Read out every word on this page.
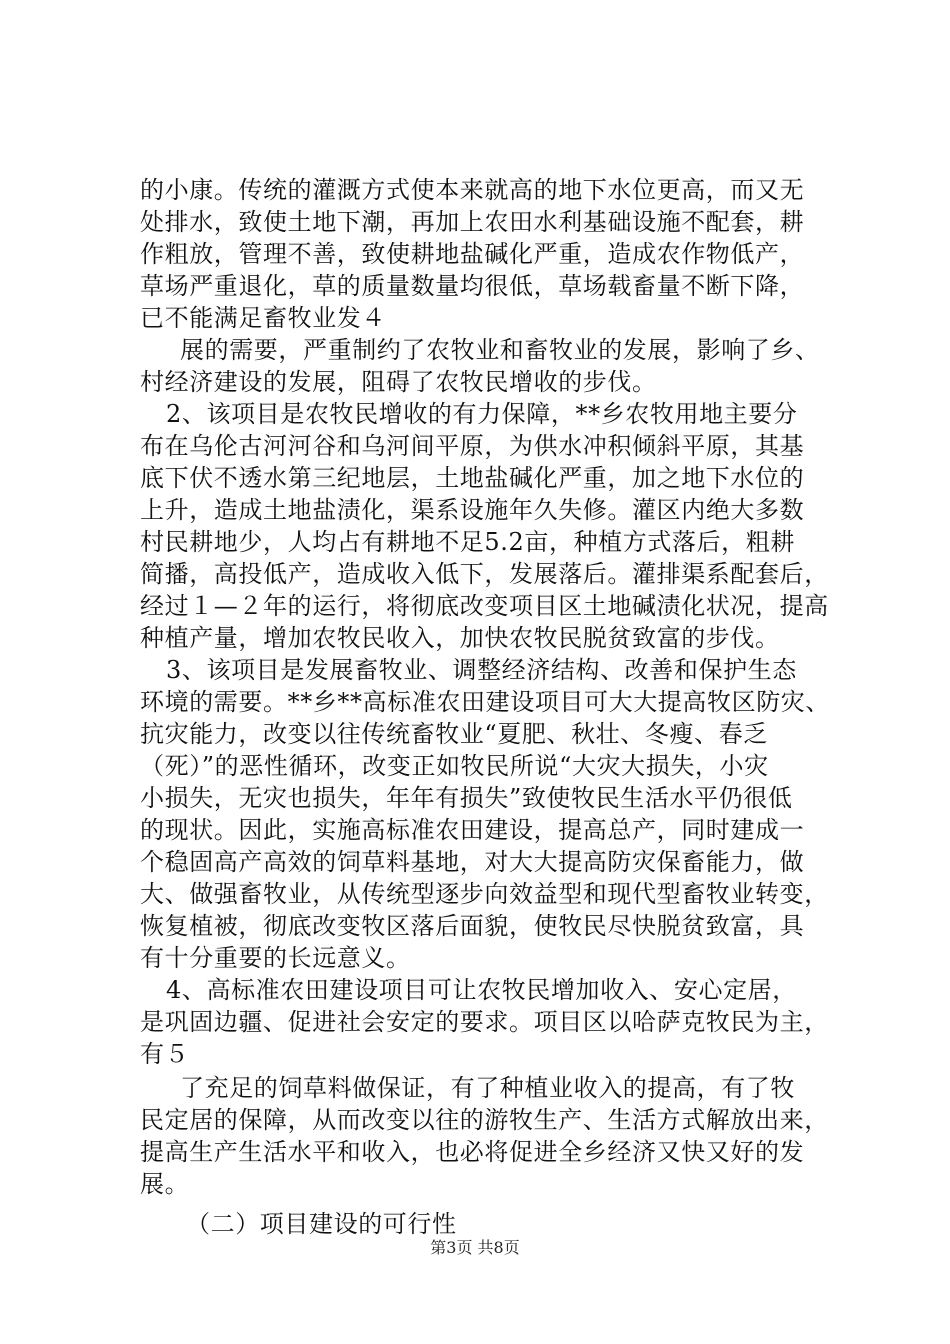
的小康。传统的灌溉方式使本来就高的地下水位更高，而又无
处排水，致使土地下潮，再加上农田水利基础设施不配套，耕
作粗放，管理不善，致使耕地盐碱化严重，造成农作物低产，
草场严重退化，草的质量数量均很低，草场载畜量不断下降，
已不能满足畜牧业发４
展的需要，严重制约了农牧业和畜牧业的发展，影响了乡、
村经济建设的发展，阻碍了农牧民增收的步伐。
2、该项目是农牧民增收的有力保障，**乡农牧用地主要分
布在乌伦古河河谷和乌河间平原，为供水冲积倾斜平原，其基
底下伏不透水第三纪地层，土地盐碱化严重，加之地下水位的
上升，造成土地盐渍化，渠系设施年久失修。灌区内绝大多数
村民耕地少，人均占有耕地不足5.2亩，种植方式落后，粗耕
简播，高投低产，造成收入低下，发展落后。灌排渠系配套后，
经过１—２年的运行，将彻底改变项目区土地碱渍化状况，提高
种植产量，增加农牧民收入，加快农牧民脱贫致富的步伐。
3、该项目是发展畜牧业、调整经济结构、改善和保护生态
环境的需要。**乡**高标准农田建设项目可大大提高牧区防灾、
抗灾能力，改变以往传统畜牧业“夏肥、秋壮、冬瘦、春乏
（死）”的恶性循环，改变正如牧民所说“大灾大损失，小灾
小损失，无灾也损失，年年有损失”致使牧民生活水平仍很低
的现状。因此，实施高标准农田建设，提高总产，同时建成一
个稳固高产高效的饲草料基地，对大大提高防灾保畜能力，做
大、做强畜牧业，从传统型逐步向效益型和现代型畜牧业转变，
恢复植被，彻底改变牧区落后面貌，使牧民尽快脱贫致富，具
有十分重要的长远意义。
4、高标准农田建设项目可让农牧民增加收入、安心定居，
是巩固边疆、促进社会安定的要求。项目区以哈萨克牧民为主，
有５
了充足的饲草料做保证，有了种植业收入的提高，有了牧
民定居的保障，从而改变以往的游牧生产、生活方式解放出来，
提高生产生活水平和收入，也必将促进全乡经济又快又好的发
展。
（二）项目建设的可行性
第3页 共8页
